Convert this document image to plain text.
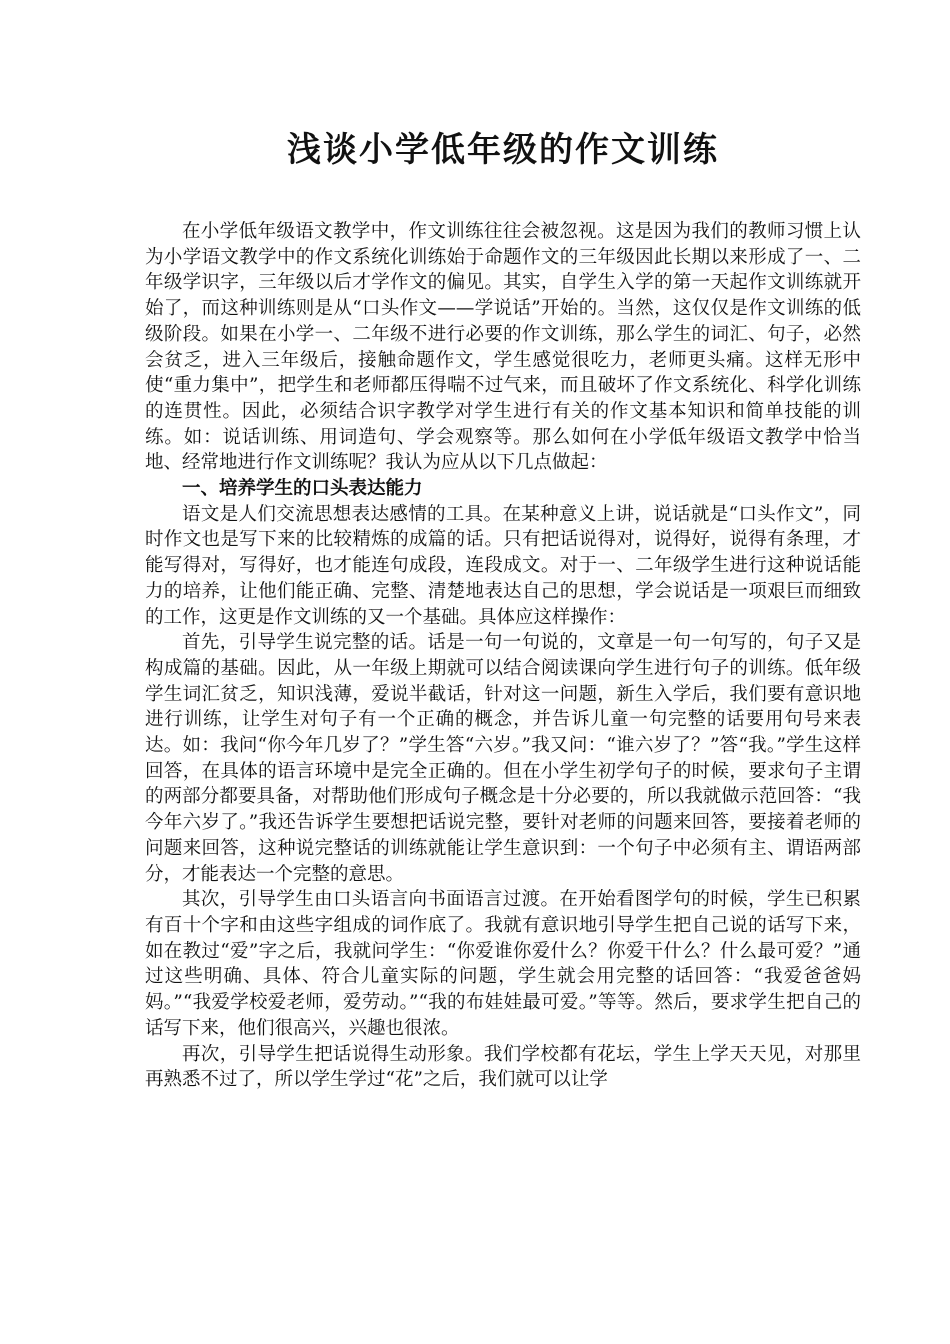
浅谈小学低年级的作文训练

在小学低年级语文教学中，作文训练往往会被忽视。这是因为我们的教师习惯上认为小学语文教学中的作文系统化训练始于命题作文的三年级因此长期以来形成了一、二年级学识字，三年级以后才学作文的偏见。其实，自学生入学的第一天起作文训练就开始了，而这种训练则是从“口头作文——学说话”开始的。当然，这仅仅是作文训练的低级阶段。如果在小学一、二年级不进行必要的作文训练，那么学生的词汇、句子，必然会贫乏，进入三年级后，接触命题作文，学生感觉很吃力，老师更头痛。这样无形中使“重力集中”，把学生和老师都压得喘不过气来，而且破坏了作文系统化、科学化训练的连贯性。因此，必须结合识字教学对学生进行有关的作文基本知识和简单技能的训练。如：说话训练、用词造句、学会观察等。那么如何在小学低年级语文教学中恰当地、经常地进行作文训练呢？我认为应从以下几点做起：

一、培养学生的口头表达能力

语文是人们交流思想表达感情的工具。在某种意义上讲，说话就是“口头作文”，同时作文也是写下来的比较精炼的成篇的话。只有把话说得对，说得好，说得有条理，才能写得对，写得好，也才能连句成段，连段成文。对于一、二年级学生进行这种说话能力的培养，让他们能正确、完整、清楚地表达自己的思想，学会说话是一项艰巨而细致的工作，这更是作文训练的又一个基础。具体应这样操作：

首先，引导学生说完整的话。话是一句一句说的，文章是一句一句写的，句子又是构成篇的基础。因此，从一年级上期就可以结合阅读课向学生进行句子的训练。低年级学生词汇贫乏，知识浅薄，爱说半截话，针对这一问题，新生入学后，我们要有意识地进行训练，让学生对句子有一个正确的概念，并告诉儿童一句完整的话要用句号来表达。如：我问“你今年几岁了？”学生答“六岁。”我又问：“谁六岁了？”答“我。”学生这样回答，在具体的语言环境中是完全正确的。但在小学生初学句子的时候，要求句子主谓的两部分都要具备，对帮助他们形成句子概念是十分必要的，所以我就做示范回答：“我今年六岁了。”我还告诉学生要想把话说完整，要针对老师的问题来回答，要接着老师的问题来回答，这种说完整话的训练就能让学生意识到：一个句子中必须有主、谓语两部分，才能表达一个完整的意思。

其次，引导学生由口头语言向书面语言过渡。在开始看图学句的时候，学生已积累有百十个字和由这些字组成的词作底了。我就有意识地引导学生把自己说的话写下来，如在教过“爱”字之后，我就问学生：“你爱谁你爱什么？你爱干什么？什么最可爱？”通过这些明确、具体、符合儿童实际的问题，学生就会用完整的话回答：“我爱爸爸妈妈。”“我爱学校爱老师，爱劳动。”“我的布娃娃最可爱。”等等。然后，要求学生把自己的话写下来，他们很高兴，兴趣也很浓。

再次，引导学生把话说得生动形象。我们学校都有花坛，学生上学天天见，对那里再熟悉不过了，所以学生学过“花”之后，我们就可以让学
